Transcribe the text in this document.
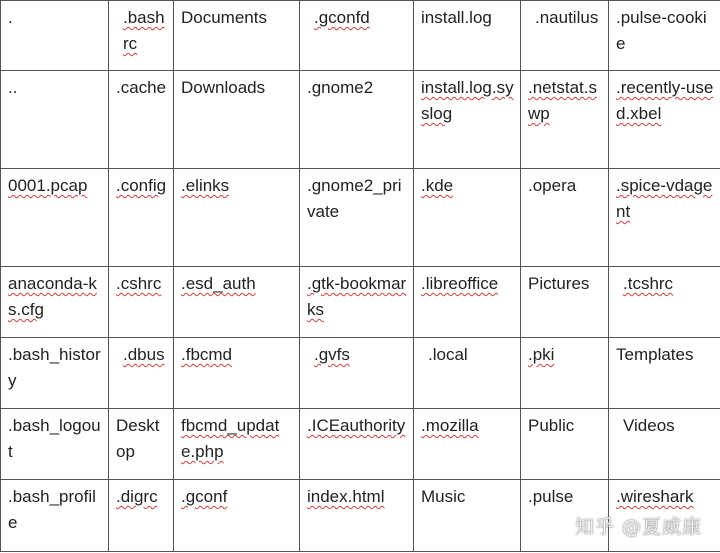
.	.bashrc	Documents	.gconfd	install.log	.nautilus	.pulse-cookie
..	.cache	Downloads	.gnome2	install.log.syslog	.netstat.swp	.recently-used.xbel
0001.pcap	.config	.elinks	.gnome2_private	.kde	.opera	.spice-vdagent
anaconda-ks.cfg	.cshrc	.esd_auth	.gtk-bookmarks	.libreoffice	Pictures	.tcshrc
.bash_history	.dbus	.fbcmd	.gvfs	.local	.pki	Templates
.bash_logout	Desktop	fbcmd_update.php	.ICEauthority	.mozilla	Public	Videos
.bash_profile	.digrc	.gconf	index.html	Music	.pulse	.wireshark
知乎 @夏威康
